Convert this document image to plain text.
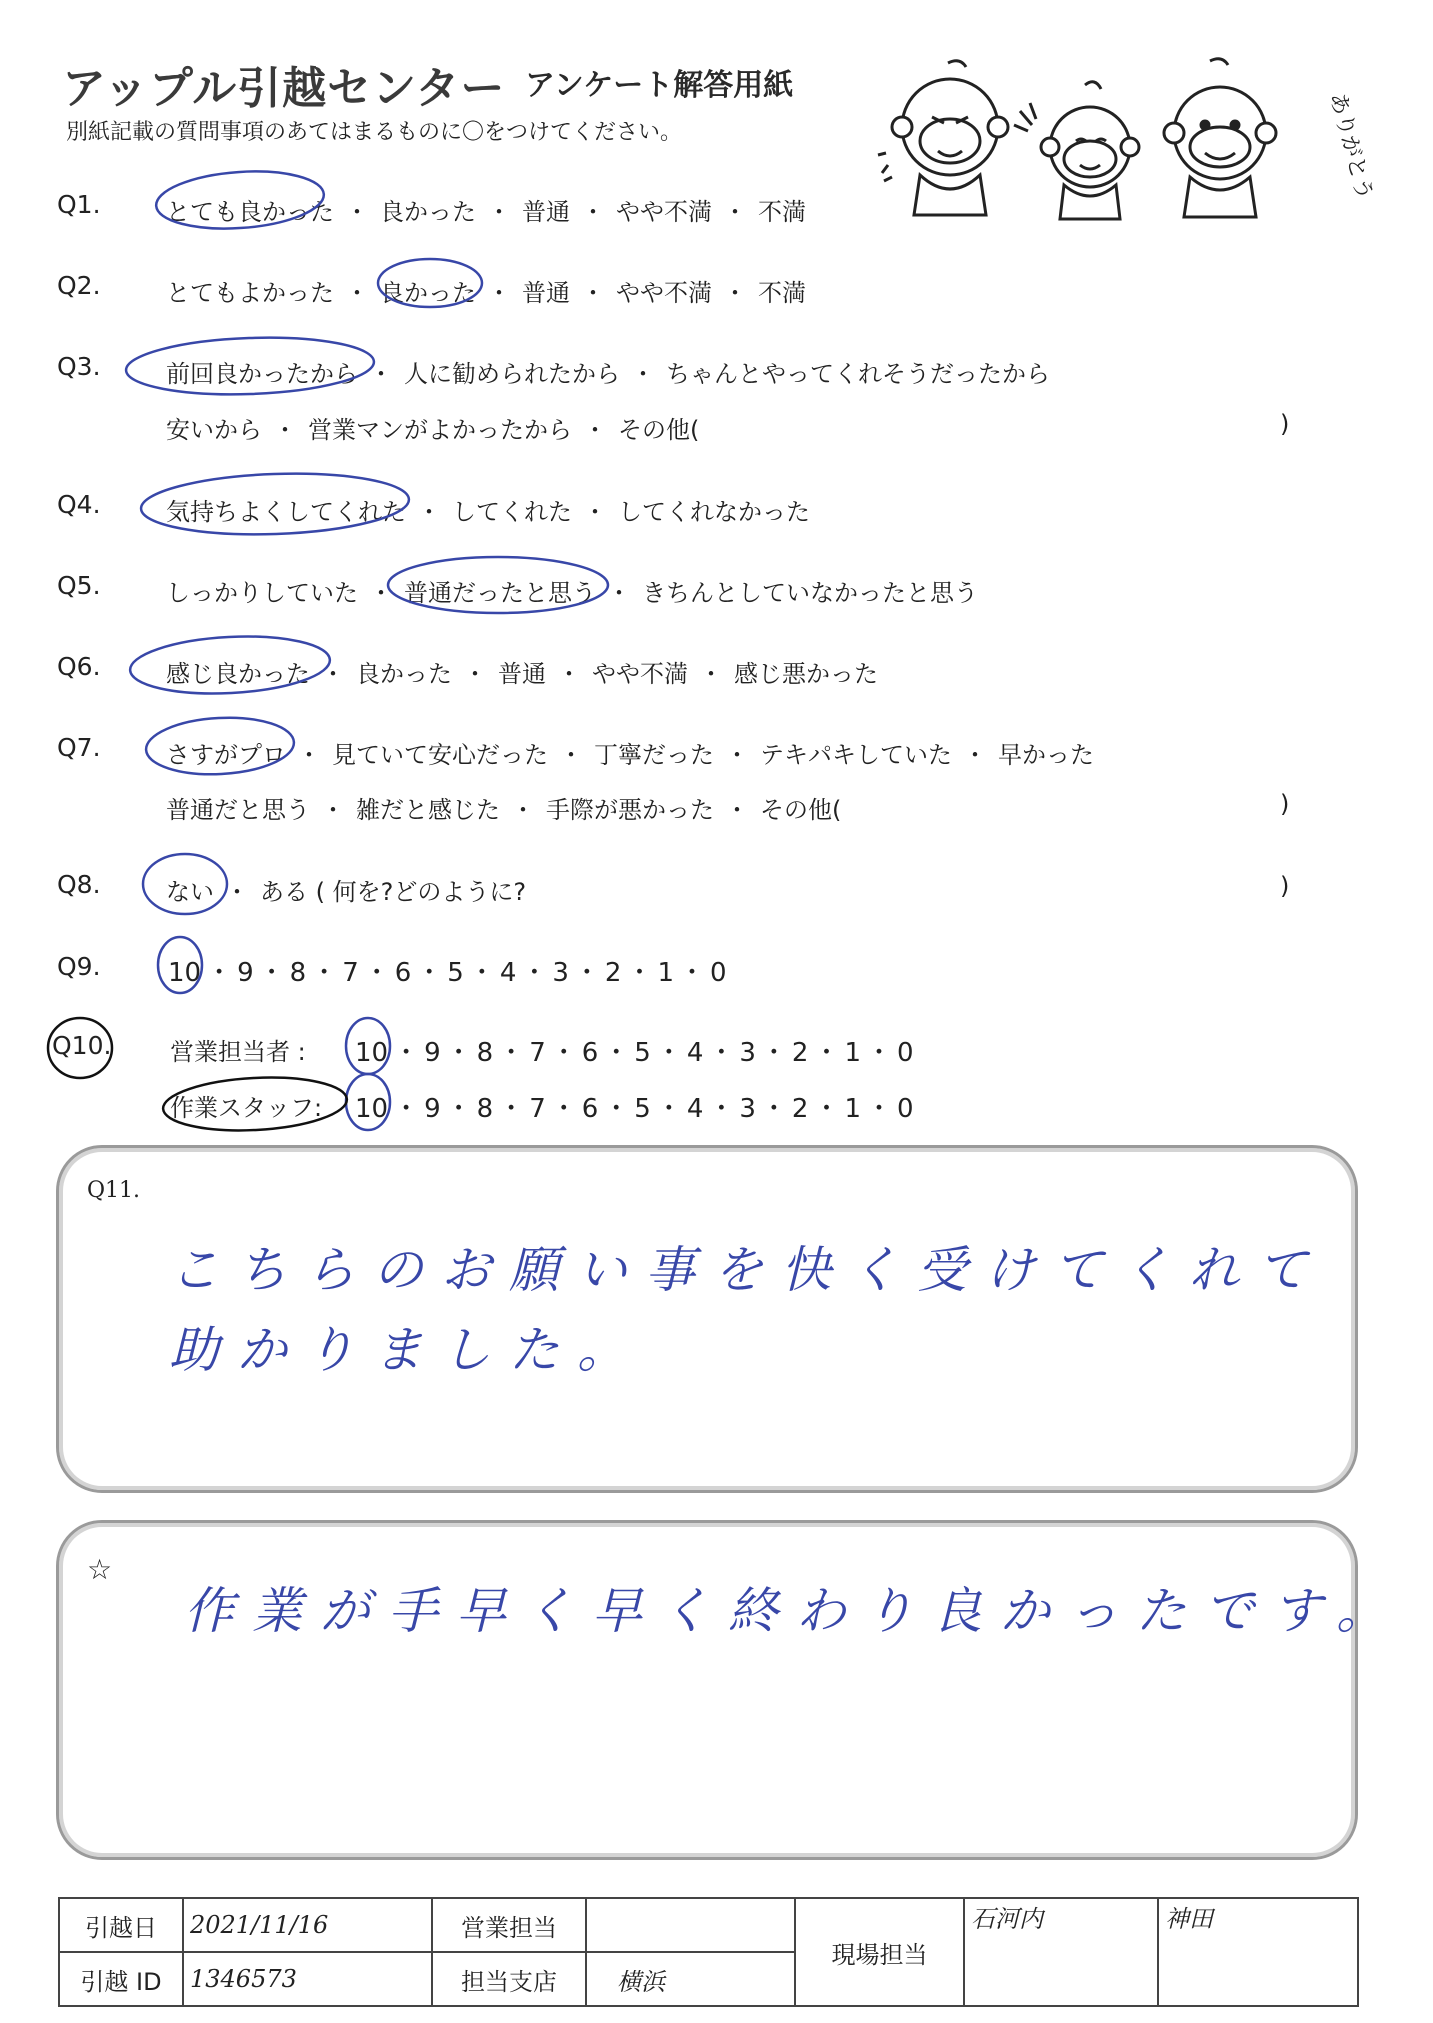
アップル引越センター アンケート解答用紙
別紙記載の質問事項のあてはまるものに〇をつけてください。	ありがとう
Q1.	とても良かった ・ 良かった ・ 普通 ・ やや不満 ・ 不満
Q2.	とてもよかった ・ 良かった ・ 普通 ・ やや不満 ・ 不満
Q3.	前回良かったから ・ 人に勧められたから ・ ちゃんとやってくれそうだったから
安いから ・ 営業マンがよかったから ・ その他(	)
Q4.	気持ちよくしてくれた ・ してくれた ・ してくれなかった
Q5.	しっかりしていた ・ 普通だったと思う ・ きちんとしていなかったと思う
Q6.	感じ良かった ・ 良かった ・ 普通 ・ やや不満 ・ 感じ悪かった
Q7.	さすがプロ ・ 見ていて安心だった ・ 丁寧だった ・ テキパキしていた ・ 早かった
普通だと思う ・ 雑だと感じた ・ 手際が悪かった ・ その他(	)
Q8.	ない ・ ある ( 何を?どのように?	)
Q9.	10 ・ 9 ・ 8 ・ 7 ・ 6 ・ 5 ・ 4 ・ 3 ・ 2 ・ 1 ・ 0
Q10. 営業担当者 : 10 ・ 9 ・ 8 ・ 7 ・ 6 ・ 5 ・ 4 ・ 3 ・ 2 ・ 1 ・ 0
作業スタッフ: 10 ・ 9 ・ 8 ・ 7 ・ 6 ・ 5 ・ 4 ・ 3 ・ 2 ・ 1 ・ 0
Q11.
こちらのお願い事を快く受けてくれて
助かりました。
☆
作業が手早く早く終わり良かったです。
引越日	2021/11/16	営業担当		現場担当	石河内	神田
引越 ID	1346573	担当支店	横浜			
